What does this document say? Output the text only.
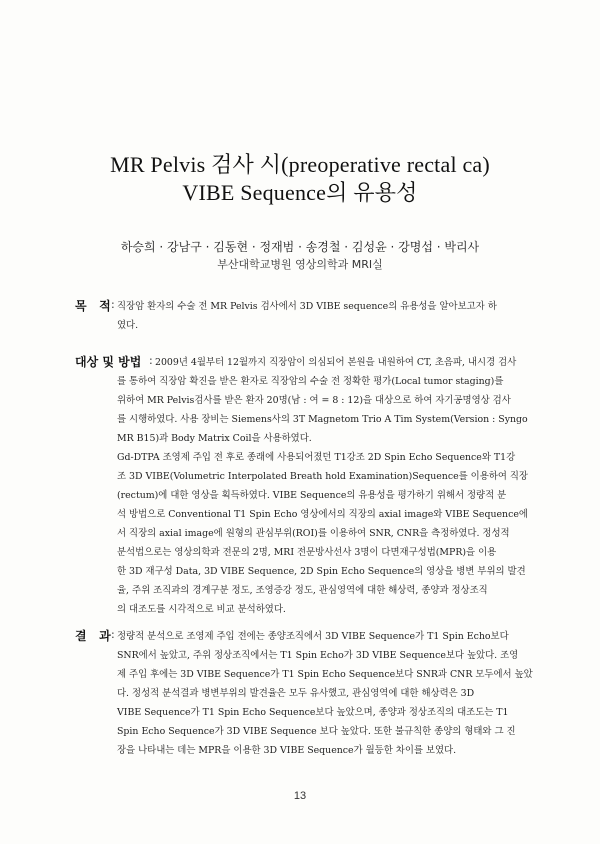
MR Pelvis 검사 시(preoperative rectal ca)
VIBE Sequence의 유용성
하승희 · 강남구 · 김동현 · 정재범 · 송경철 · 김성윤 · 강명섭 · 박리사
부산대학교병원 영상의학과 MRI실
목   적 : 직장암 환자의 수술 전 MR Pelvis 검사에서 3D VIBE sequence의 유용성을 알아보고자 하
였다.
대상 및 방법 : 2009년 4월부터 12월까지 직장암이 의심되어 본원을 내원하여 CT, 초음파, 내시경 검사
를 통하여 직장암 확진을 받은 환자로 직장암의 수술 전 정확한 평가(Local tumor staging)를
위하여 MR Pelvis검사를 받은 환자 20명(남 : 여 = 8 : 12)을 대상으로 하여 자기공명영상 검사
를 시행하였다. 사용 장비는 Siemens사의 3T Magnetom Trio A Tim System(Version : Syngo
MR B15)과 Body Matrix Coil을 사용하였다.
Gd-DTPA 조영제 주입 전 후로 종래에 사용되어졌던 T1강조 2D Spin Echo Sequence와 T1강
조 3D VIBE(Volumetric Interpolated Breath hold Examination)Sequence를 이용하여 직장
(rectum)에 대한 영상을 획득하였다. VIBE Sequence의 유용성을 평가하기 위해서 정량적 분
석 방법으로 Conventional T1 Spin Echo 영상에서의 직장의 axial image와 VIBE Sequence에
서 직장의 axial image에 원형의 관심부위(ROI)를 이용하여 SNR, CNR을 측정하였다. 정성적
분석법으로는 영상의학과 전문의 2명, MRI 전문방사선사 3명이 다면재구성법(MPR)을 이용
한 3D 재구성 Data, 3D VIBE Sequence, 2D Spin Echo Sequence의 영상을 병변 부위의 발견
율, 주위 조직과의 경계구분 정도, 조영증강 정도, 관심영역에 대한 해상력, 종양과 정상조직
의 대조도를 시각적으로 비교 분석하였다.
결   과 : 정량적 분석으로 조영제 주입 전에는 종양조직에서 3D VIBE Sequence가 T1 Spin Echo보다
SNR에서 높았고, 주위 정상조직에서는 T1 Spin Echo가 3D VIBE Sequence보다 높았다. 조영
제 주입 후에는 3D VIBE Sequence가 T1 Spin Echo Sequence보다 SNR과 CNR 모두에서 높았
다. 정성적 분석결과 병변부위의 발견율은 모두 유사했고, 관심영역에 대한 해상력은 3D
VIBE Sequence가 T1 Spin Echo Sequence보다 높았으며, 종양과 정상조직의 대조도는 T1
Spin Echo Sequence가 3D VIBE Sequence 보다 높았다. 또한 불규칙한 종양의 형태와 그 진
장을 나타내는 데는 MPR을 이용한 3D VIBE Sequence가 월등한 차이를 보였다.
13
